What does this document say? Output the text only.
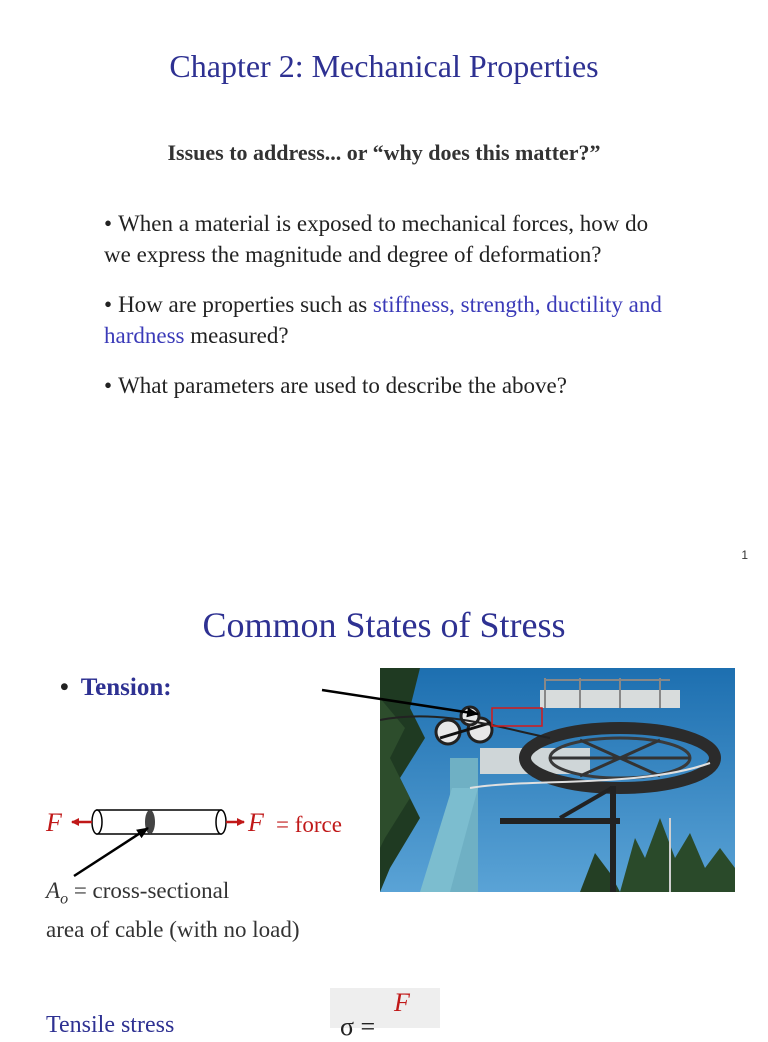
Chapter 2: Mechanical Properties

Issues to address... or “why does this matter?”

• When a material is exposed to mechanical forces, how do we express the magnitude and degree of deformation?
• How are properties such as stiffness, strength, ductility and hardness measured?
• What parameters are used to describe the above?
1
Common States of Stress
• Tension:
F	F = force
$A_o$ = cross-sectional
area of cable (with no load)
Tensile stress
F
σ =
